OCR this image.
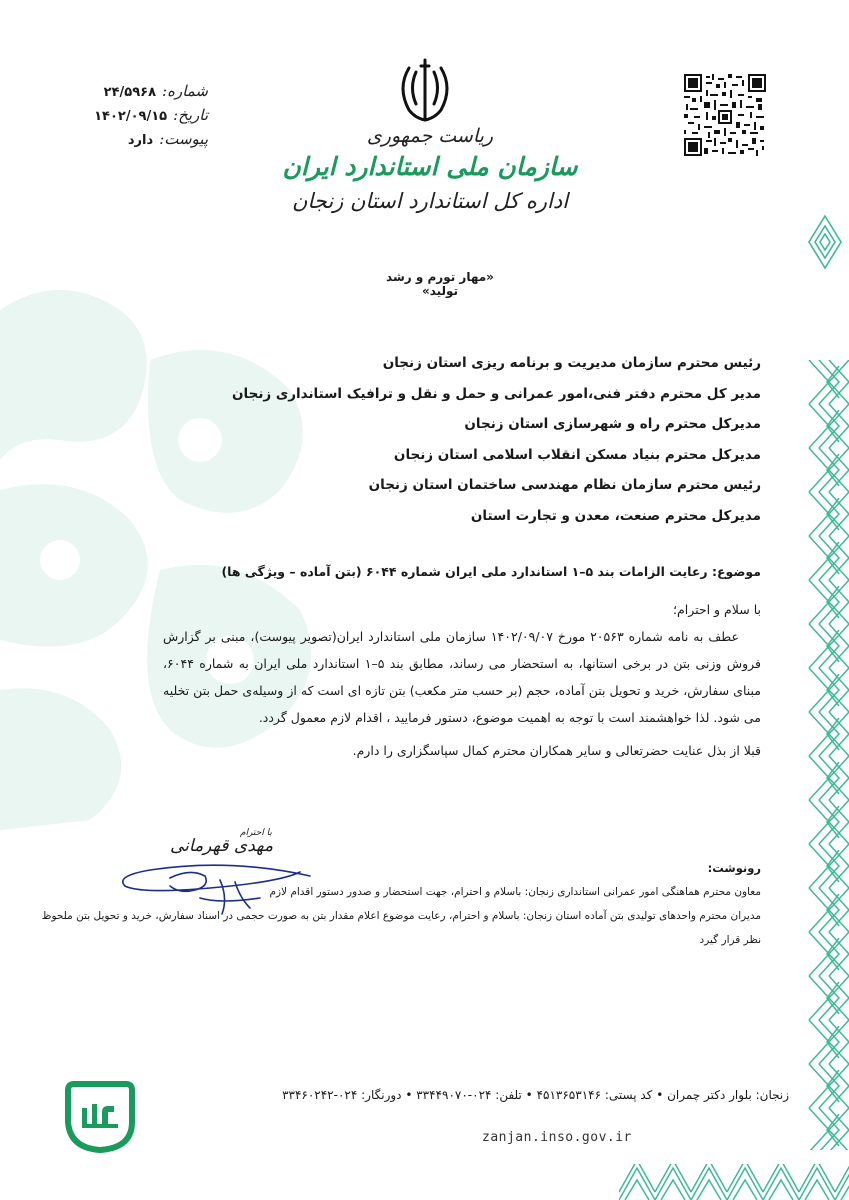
شماره:
۲۴/۵۹۶۸
تاریخ:
۱۴۰۲/۰۹/۱۵
پیوست:
دارد	ریاست جمهوری

سازمان ملی استاندارد ایران

اداره کل استاندارد استان زنجان

«مهار تورم و رشد تولید»

رئیس محترم سازمان مدیریت و برنامه ریزی استان زنجان

مدیر کل محترم دفتر فنی،امور عمرانی و حمل و نقل و ترافیک استانداری زنجان

مدیرکل محترم راه و شهرسازی استان زنجان

مدیرکل محترم بنیاد مسکن انقلاب اسلامی استان زنجان

رئیس محترم سازمان نظام مهندسی ساختمان استان زنجان

مدیرکل محترم صنعت، معدن و تجارت استان

موضوع: رعایت الزامات بند ۵–۱ استاندارد ملی ایران شماره ۶۰۴۴ (بتن آماده – ویژگی ها)

با سلام و احترام؛

عطف به نامه شماره ۲۰۵۶۳ مورخ ۱۴۰۲/۰۹/۰۷ سازمان ملی استاندارد ایران(تصویر پیوست)، مبنی بر گزارش فروش وزنی بتن در برخی استانها، به استحضار می رساند، مطابق بند ۵–۱ استاندارد ملی ایران به شماره ۶۰۴۴، مبنای سفارش، خرید و تحویل بتن آماده، حجم (بر حسب متر مکعب) بتن تازه ای است که از وسیله‌ی حمل بتن تخلیه می شود. لذا خواهشمند است با توجه به اهمیت موضوع، دستور فرمایید ، اقدام لازم معمول گردد.

قبلا از بذل عنایت حضرتعالی و سایر همکاران محترم کمال سپاسگزاری را دارم.

با احترام
مهدی قهرمانی

رونوشت:

معاون محترم هماهنگی امور عمرانی استانداری زنجان: باسلام و احترام، جهت استحضار و صدور دستور اقدام لازم

مدیران محترم واحدهای تولیدی بتن آماده استان زنجان: باسلام و احترام، رعایت موضوع اعلام مقدار بتن به صورت حجمی در اسناد سفارش، خرید و تحویل بتن ملحوظ نظر قرار گیرد

زنجان: بلوار دکتر چمران • کد پستی: ۴۵۱۳۶۵۳۱۴۶ • تلفن: ۰۲۴-۳۳۴۴۹۰۷۰ • دورنگار: ۰۲۴-۳۳۴۶۰۲۴۲
zanjan.inso.gov.ir
